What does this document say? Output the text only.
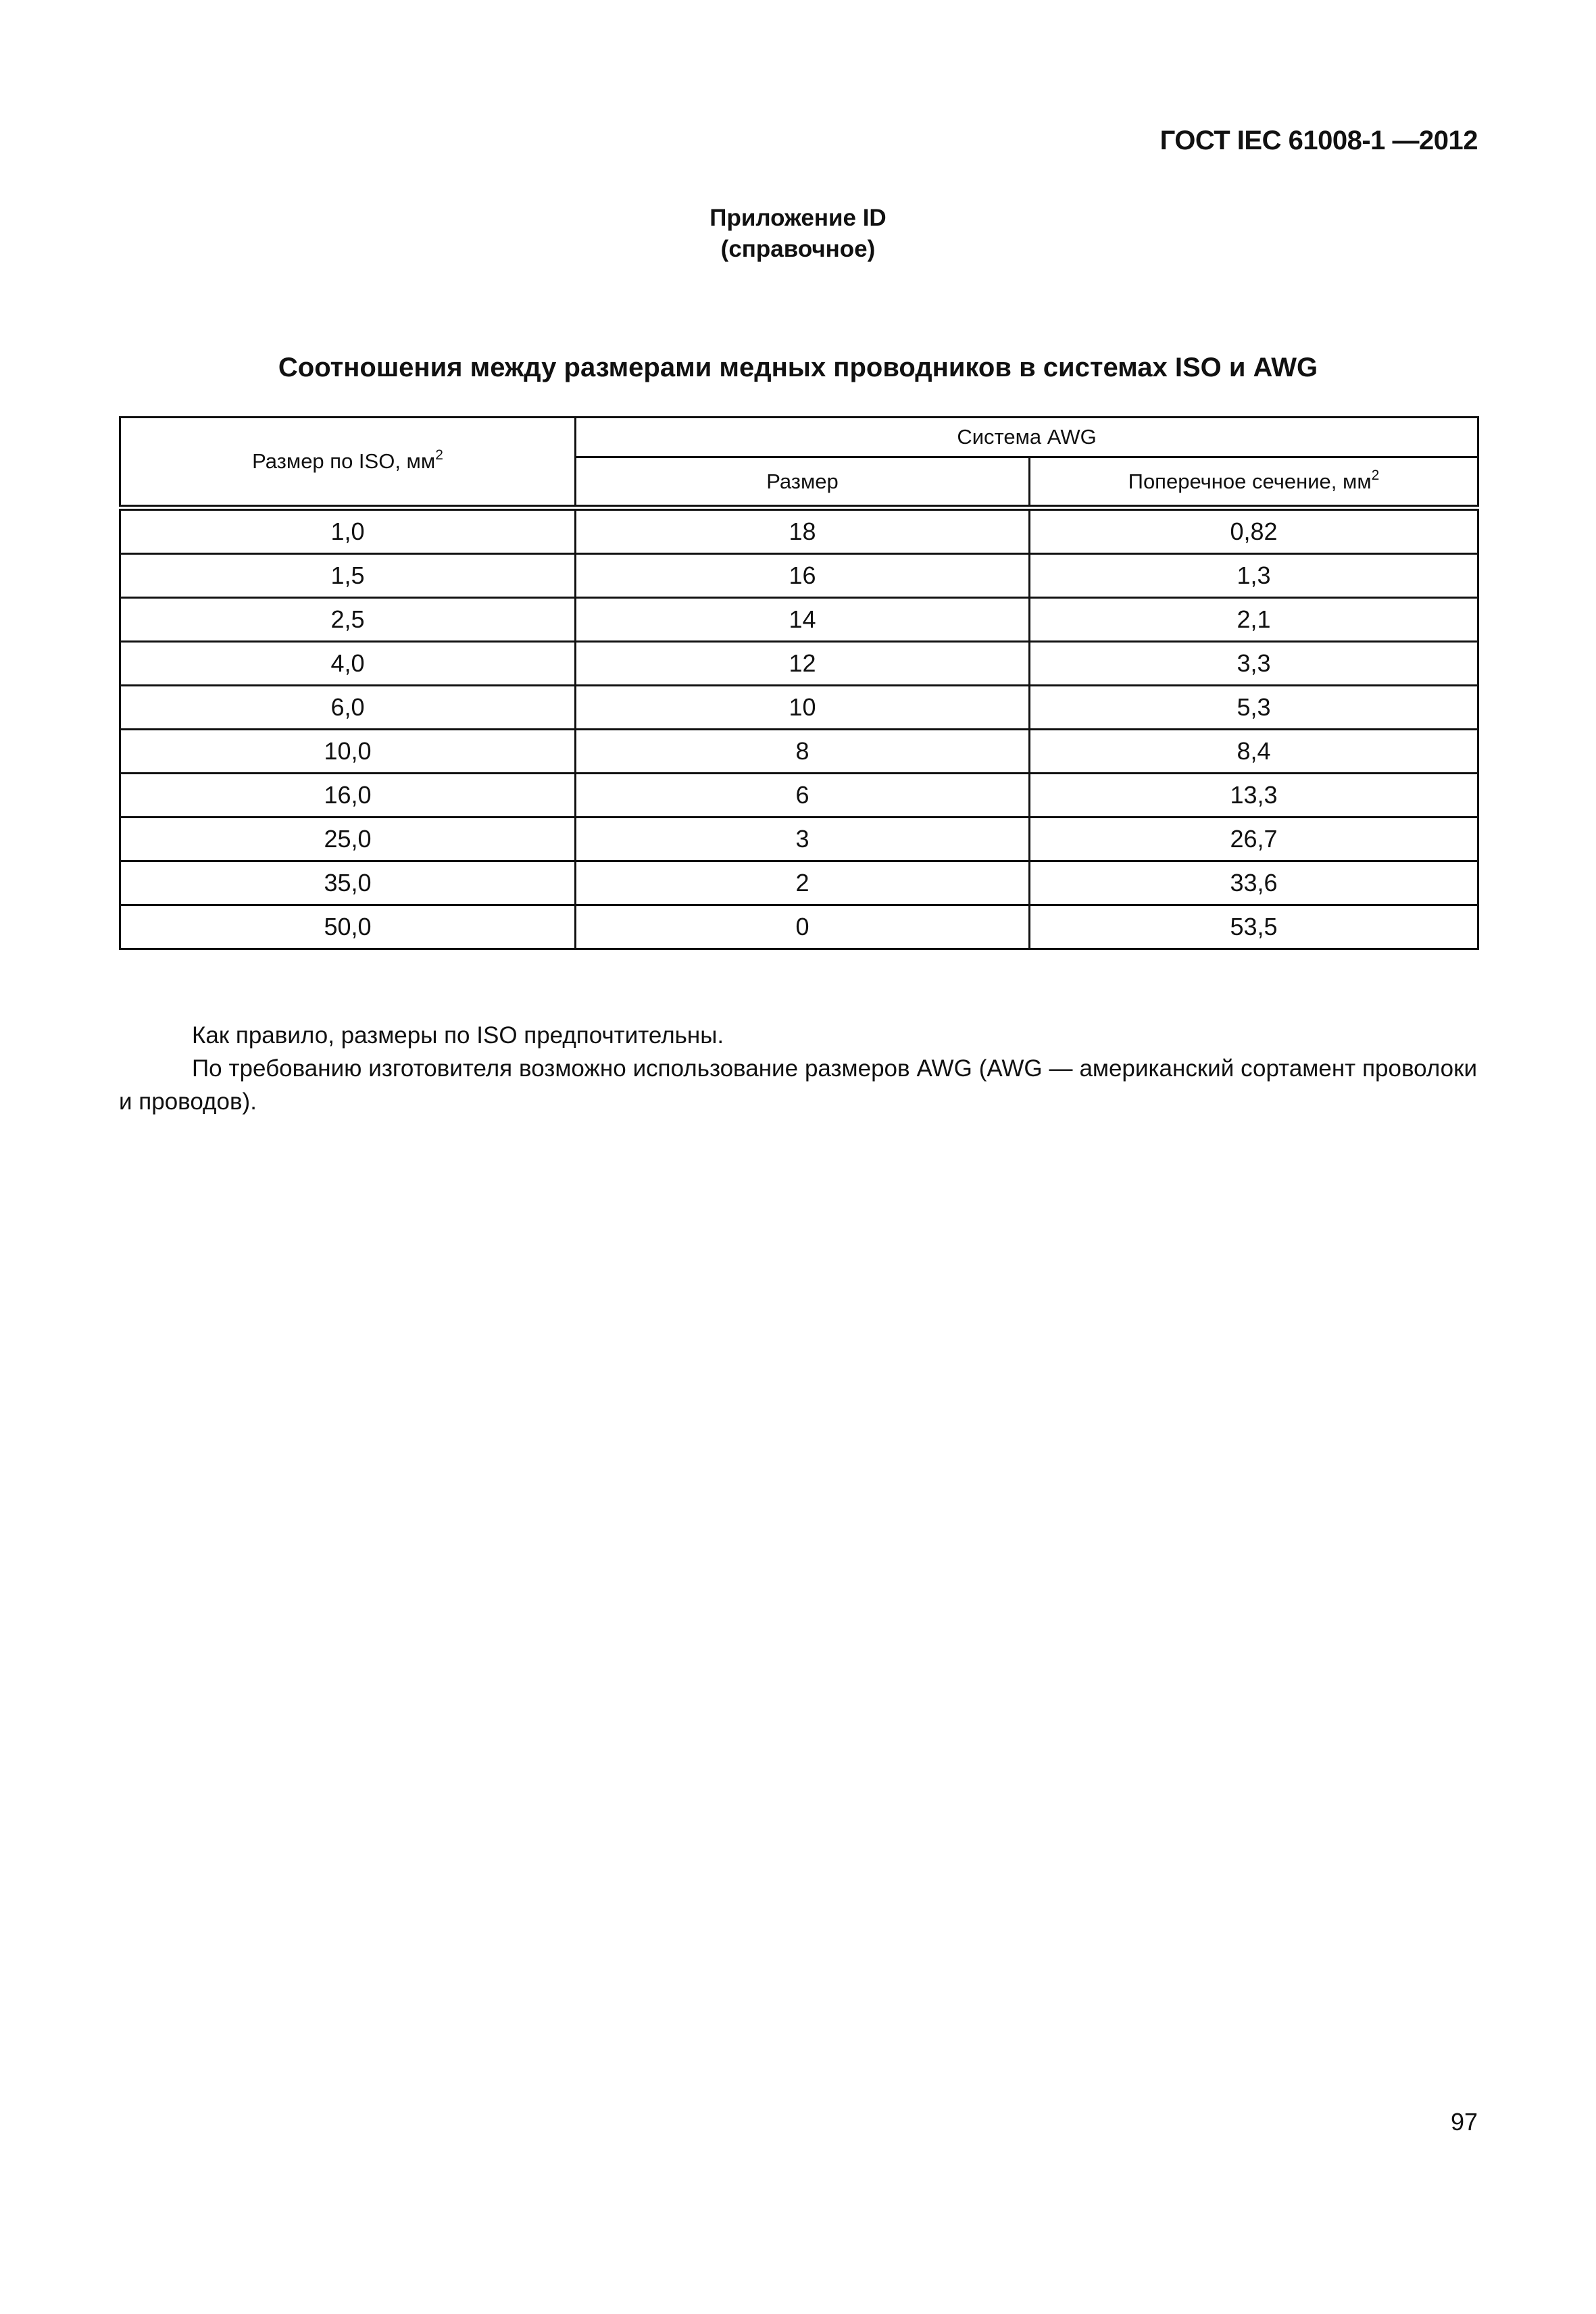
ГОСТ IEC 61008-1 —2012
Приложение ID
(справочное)
Соотношения между размерами медных проводников в системах ISO и AWG
Размер по ISO, $мм^2$	Система AWG	
	Размер	Поперечное сечение, $мм^2$
1,0	18	0,82
1,5	16	1,3
2,5	14	2,1
4,0	12	3,3
6,0	10	5,3
10,0	8	8,4
16,0	6	13,3
25,0	3	26,7
35,0	2	33,6
50,0	0	53,5

Как правило, размеры по ISO предпочтительны.

По требованию изготовителя возможно использование размеров AWG (AWG — американский сортамент проволоки и проводов).

97
